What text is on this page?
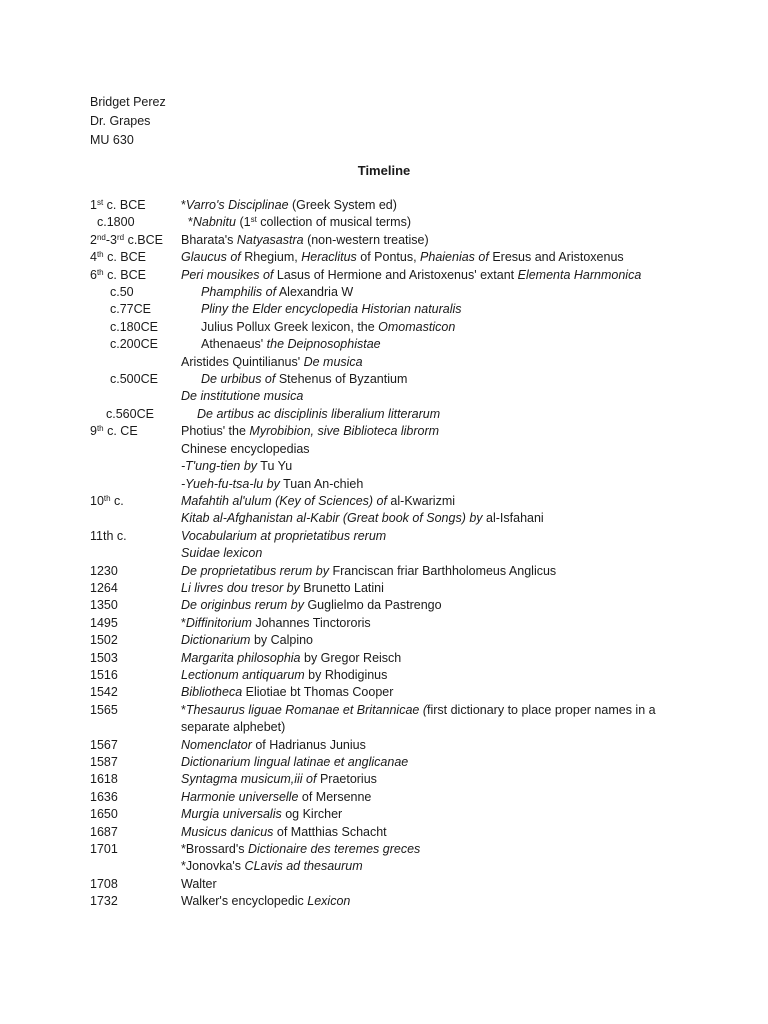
Bridget Perez
Dr. Grapes
MU 630
Timeline
1st c. BCE	*Varro's Disciplinae (Greek System ed)
c.1800	*Nabnitu (1st collection of musical terms)
2nd-3rd c.BCE	Bharata's Natyasastra (non-western treatise)
4th c. BCE	Glaucus of Rhegium, Heraclitus of Pontus, Phaienias of Eresus and Aristoxenus
6th c. BCE	Peri mousikes of Lasus of Hermione and Aristoxenus' extant Elementa Harnmonica
c.50	Phamphilis of Alexandria W
c.77CE	Pliny the Elder encyclopedia Historian naturalis
c.180CE	Julius Pollux Greek lexicon, the Omomasticon
c.200CE	Athenaeus' the Deipnosophistae
Aristides Quintilianus' De musica
c.500CE	De urbibus of Stehenus of Byzantium
De institutione musica
c.560CE	De artibus ac disciplinis liberalium litterarum
9th c. CE	Photius' the Myrobibion, sive Biblioteca librorm
Chinese encyclopedias
-T'ung-tien by Tu Yu
-Yueh-fu-tsa-lu by Tuan An-chieh
10th c.	Mafahtih al'ulum (Key of Sciences) of al-Kwarizmi
Kitab al-Afghanistan al-Kabir (Great book of Songs) by al-Isfahani
11th c.	Vocabularium at proprietatibus rerum
Suidae lexicon
1230	De proprietatibus rerum by Franciscan friar Barthholomeus Anglicus
1264	Li livres dou tresor by Brunetto Latini
1350	De originbus rerum by Guglielmo da Pastrengo
1495	*Diffinitorium Johannes Tinctororis
1502	Dictionarium by Calpino
1503	Margarita philosophia by Gregor Reisch
1516	Lectionum antiquarum by Rhodiginus
1542	Bibliotheca Eliotiae bt Thomas Cooper
1565	*Thesaurus liguae Romanae et Britannicae (first dictionary to place proper names in a separate alphebet)
1567	Nomenclator of Hadrianus Junius
1587	Dictionarium lingual latinae et anglicanae
1618	Syntagma musicum,iii of Praetorius
1636	Harmonie universelle of Mersenne
1650	Murgia universalis og Kircher
1687	Musicus danicus of Matthias Schacht
1701	*Brossard's Dictionaire des teremes greces
*Jonovka's CLavis ad thesaurum
1708	Walter
1732	Walker's encyclopedic Lexicon
